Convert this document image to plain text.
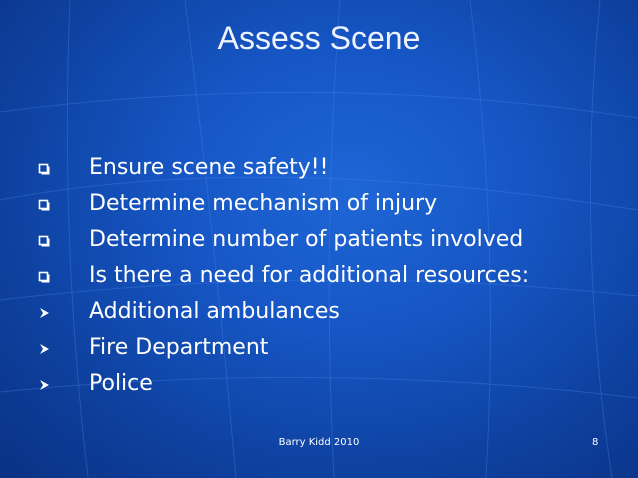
Assess Scene
Ensure scene safety!!
Determine mechanism of injury
Determine number of patients involved
Is there a need for additional resources:
Additional ambulances
Fire Department
Police
Barry Kidd 2010	8
